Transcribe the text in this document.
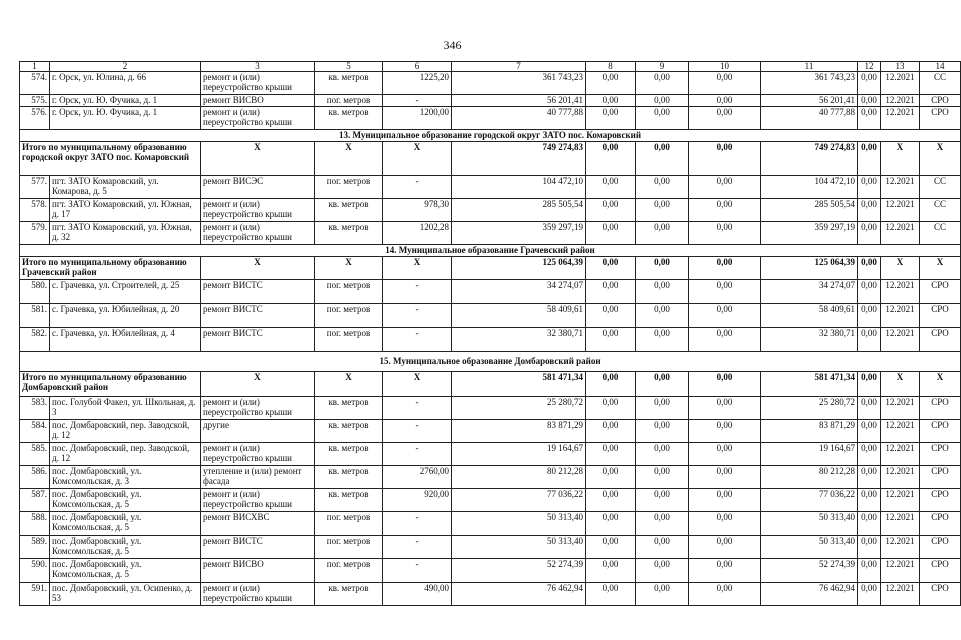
346
1	2	3	5	6	7	8	9	10	11	12	13	14
574.	г. Орск, ул. Юлина, д. 66	ремонт и (или) переустройство крыши	кв. метров	1225,20	361 743,23	0,00	0,00	0,00	361 743,23	0,00	12.2021	СС
575.	г. Орск, ул. Ю. Фучика, д. 1	ремонт ВИСВО	пог. метров	-	56 201,41	0,00	0,00	0,00	56 201,41	0,00	12.2021	СРО
576.	г. Орск, ул. Ю. Фучика, д. 1	ремонт и (или) переустройство крыши	кв. метров	1200,00	40 777,88	0,00	0,00	0,00	40 777,88	0,00	12.2021	СРО
13. Муниципальное образование городской округ ЗАТО пос. Комаровский												
Итого по муниципальному образованию городской округ ЗАТО пос. Комаровский		X	X	X	749 274,83	0,00	0,00	0,00	749 274,83	0,00	X	X
577.	пгт. ЗАТО Комаровский, ул. Комарова, д. 5	ремонт ВИСЭС	пог. метров	-	104 472,10	0,00	0,00	0,00	104 472,10	0,00	12.2021	СС
578.	пгт. ЗАТО Комаровский, ул. Южная, д. 17	ремонт и (или) переустройство крыши	кв. метров	978,30	285 505,54	0,00	0,00	0,00	285 505,54	0,00	12.2021	СС
579.	пгт. ЗАТО Комаровский, ул. Южная, д. 32	ремонт и (или) переустройство крыши	кв. метров	1202,28	359 297,19	0,00	0,00	0,00	359 297,19	0,00	12.2021	СС
14. Муниципальное образование Грачевский район												
Итого по муниципальному образованию Грачевский район		X	X	X	125 064,39	0,00	0,00	0,00	125 064,39	0,00	X	X
580.	с. Грачевка, ул. Строителей, д. 25	ремонт ВИСТС	пог. метров	-	34 274,07	0,00	0,00	0,00	34 274,07	0,00	12.2021	СРО
581.	с. Грачевка, ул. Юбилейная, д. 20	ремонт ВИСТС	пог. метров	-	58 409,61	0,00	0,00	0,00	58 409,61	0,00	12.2021	СРО
582.	с. Грачевка, ул. Юбилейная, д. 4	ремонт ВИСТС	пог. метров	-	32 380,71	0,00	0,00	0,00	32 380,71	0,00	12.2021	СРО
15. Муниципальное образование Домбаровский район												
Итого по муниципальному образованию Домбаровский район		X	X	X	581 471,34	0,00	0,00	0,00	581 471,34	0,00	X	X
583.	пос. Голубой Факел, ул. Школьная, д. 3	ремонт и (или) переустройство крыши	кв. метров	-	25 280,72	0,00	0,00	0,00	25 280,72	0,00	12.2021	СРО
584.	пос. Домбаровский, пер. Заводской, д. 12	другие	кв. метров	-	83 871,29	0,00	0,00	0,00	83 871,29	0,00	12.2021	СРО
585.	пос. Домбаровский, пер. Заводской, д. 12	ремонт и (или) переустройство крыши	кв. метров	-	19 164,67	0,00	0,00	0,00	19 164,67	0,00	12.2021	СРО
586.	пос. Домбаровский, ул. Комсомольская, д. 3	утепление и (или) ремонт фасада	кв. метров	2760,00	80 212,28	0,00	0,00	0,00	80 212,28	0,00	12.2021	СРО
587.	пос. Домбаровский, ул. Комсомольская, д. 5	ремонт и (или) переустройство крыши	кв. метров	920,00	77 036,22	0,00	0,00	0,00	77 036,22	0,00	12.2021	СРО
588.	пос. Домбаровский, ул. Комсомольская, д. 5	ремонт ВИСХВС	пог. метров	-	50 313,40	0,00	0,00	0,00	50 313,40	0,00	12.2021	СРО
589.	пос. Домбаровский, ул. Комсомольская, д. 5	ремонт ВИСТС	пог. метров	-	50 313,40	0,00	0,00	0,00	50 313,40	0,00	12.2021	СРО
590.	пос. Домбаровский, ул. Комсомольская, д. 5	ремонт ВИСВО	пог. метров	-	52 274,39	0,00	0,00	0,00	52 274,39	0,00	12.2021	СРО
591.	пос. Домбаровский, ул. Осипенко, д. 53	ремонт и (или) переустройство крыши	кв. метров	490,00	76 462,94	0,00	0,00	0,00	76 462,94	0,00	12.2021	СРО
